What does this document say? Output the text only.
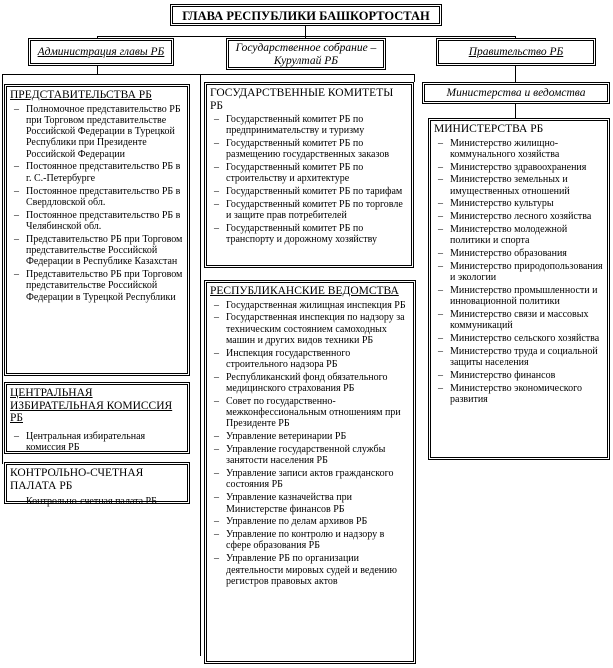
ГЛАВА РЕСПУБЛИКИ БАШКОРТОСТАН
Администрация главы РБ	Государственное собрание – Курултай РБ
Правительство РБ
Министерства и ведомства
ПРЕДСТАВИТЕЛЬСТВА РБ
– Полномочное представительство РБ при Торговом представительстве Российской Федерации в Турецкой Республики при Президенте Российской Федерации
– Постоянное представительство РБ в г. С.-Петербурге
– Постоянное представительство РБ в Свердловской обл.
– Постоянное представительство РБ в Челябинской обл.
– Представительство РБ при Торговом представительстве Российской Федерации в Республике Казахстан
– Представительство РБ при Торговом представительстве Российской Федерации в Турецкой Республики
ЦЕНТРАЛЬНАЯ ИЗБИРАТЕЛЬНАЯ КОМИССИЯ РБ
– Центральная избирательная комиссия РБ
КОНТРОЛЬНО-СЧЕТНАЯ ПАЛАТА РБ
– Контрольно-счетная палата РБ
ГОСУДАРСТВЕННЫЕ КОМИТЕТЫ РБ
– Государственный комитет РБ по предпринимательству и туризму
– Государственный комитет РБ по размещению государственных заказов
– Государственный комитет РБ по строительству и архитектуре
– Государственный комитет РБ по тарифам
– Государственный комитет РБ по торговле и защите прав потребителей
– Государственный комитет РБ по транспорту и дорожному хозяйству
РЕСПУБЛИКАНСКИЕ ВЕДОМСТВА
– Государственная жилищная инспекция РБ
– Государственная инспекция по надзору за техническим состоянием самоходных машин и других видов техники РБ
– Инспекция государственного строительного надзора РБ
– Республиканский фонд обязательного медицинского страхования РБ
– Совет по государственно-межконфессиональным отношениям при Президенте РБ
– Управление ветеринарии РБ
– Управление государственной службы занятости населения РБ
– Управление записи актов гражданского состояния РБ
– Управление казначейства при Министерстве финансов РБ
– Управление по делам архивов РБ
– Управление по контролю и надзору в сфере образования РБ
– Управление РБ по организации деятельности мировых судей и ведению регистров правовых актов
МИНИСТЕРСТВА РБ
– Министерство жилищно-коммунального хозяйства
– Министерство здравоохранения
– Министерство земельных и имущественных отношений
– Министерство культуры
– Министерство лесного хозяйства
– Министерство молодежной политики и спорта
– Министерство образования
– Министерство природопользования и экологии
– Министерство промышленности и инновационной политики
– Министерство связи и массовых коммуникаций
– Министерство сельского хозяйства
– Министерство труда и социальной защиты населения
– Министерство финансов
– Министерство экономического развития
